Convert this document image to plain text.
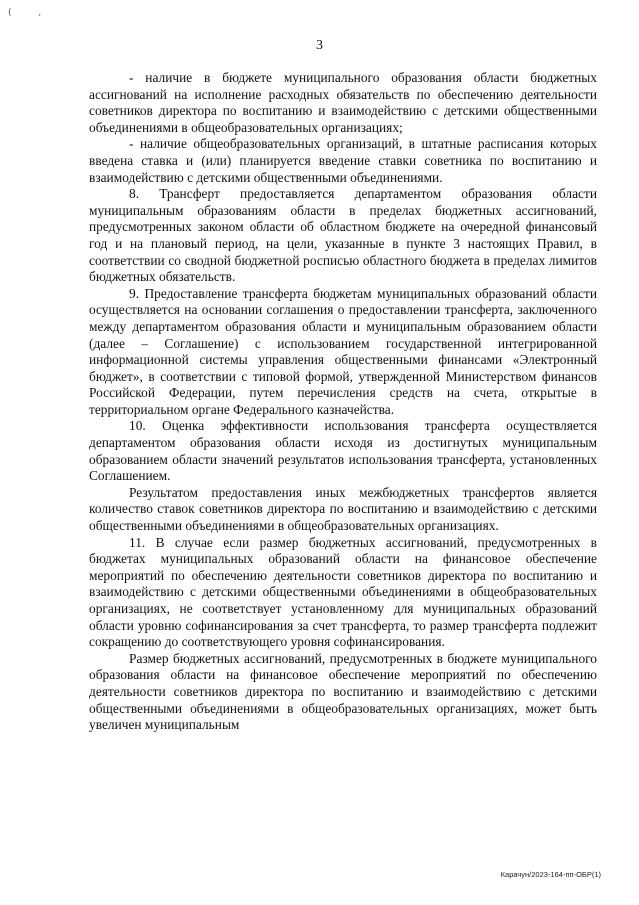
( ,
3

- наличие в бюджете муниципального образования области бюджетных ассигнований на исполнение расходных обязательств по обеспечению деятельности советников директора по воспитанию и взаимодействию с детскими общественными объединениями в общеобразовательных организациях;

- наличие общеобразовательных организаций, в штатные расписания которых введена ставка и (или) планируется введение ставки советника по воспитанию и взаимодействию с детскими общественными объединениями.

8. Трансферт предоставляется департаментом образования области муниципальным образованиям области в пределах бюджетных ассигнований, предусмотренных законом области об областном бюджете на очередной финансовый год и на плановый период, на цели, указанные в пункте 3 настоящих Правил, в соответствии со сводной бюджетной росписью областного бюджета в пределах лимитов бюджетных обязательств.

9. Предоставление трансферта бюджетам муниципальных образований области осуществляется на основании соглашения о предоставлении трансферта, заключенного между департаментом образования области и муниципальным образованием области (далее – Соглашение) с использованием государственной интегрированной информационной системы управления общественными финансами «Электронный бюджет», в соответствии с типовой формой, утвержденной Министерством финансов Российской Федерации, путем перечисления средств на счета, открытые в территориальном органе Федерального казначейства.

10. Оценка эффективности использования трансферта осуществляется департаментом образования области исходя из достигнутых муниципальным образованием области значений результатов использования трансферта, установленных Соглашением.

Результатом предоставления иных межбюджетных трансфертов является количество ставок советников директора по воспитанию и взаимодействию с детскими общественными объединениями в общеобразовательных организациях.

11. В случае если размер бюджетных ассигнований, предусмотренных в бюджетах муниципальных образований области на финансовое обеспечение мероприятий по обеспечению деятельности советников директора по воспитанию и взаимодействию с детскими общественными объединениями в общеобразовательных организациях, не соответствует установленному для муниципальных образований области уровню софинансирования за счет трансферта, то размер трансферта подлежит сокращению до соответствующего уровня софинансирования.

Размер бюджетных ассигнований, предусмотренных в бюджете муниципального образования области на финансовое обеспечение мероприятий по обеспечению деятельности советников директора по воспитанию и взаимодействию с детскими общественными объединениями в общеобразовательных организациях, может быть увеличен муниципальным

Карачун/2023-164-пп-ОБР(1)
